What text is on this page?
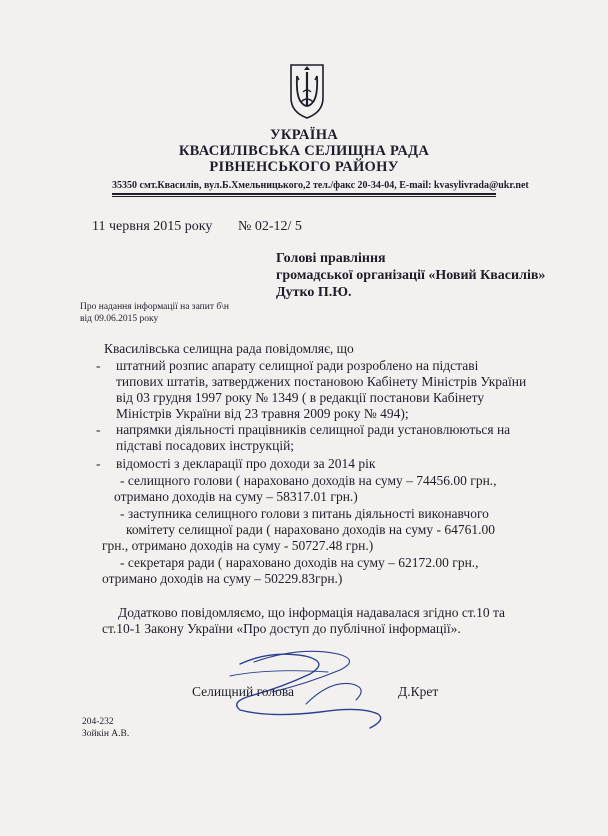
УКРАЇНА
КВАСИЛІВСЬКА СЕЛИЩНА РАДА
РІВНЕНСЬКОГО РАЙОНУ
35350 смт.Квасилів, вул.Б.Хмельницького,2 тел./факс 20-34-04, E-mail: kvasylivrada@ukr.net
11 червня 2015 року № 02-12/ 5
Голові правління
громадської організації «Новий Квасилів»
Дутко П.Ю.
Про надання інформації на запит б\н
від 09.06.2015 року
Квасилівська селищна рада повідомляє, що
- штатний розпис апарату селищної ради розроблено на підставі
типових штатів, затверджених постановою Кабінету Міністрів України
від 03 грудня 1997 року № 1349 ( в редакції постанови Кабінету
Міністрів України від 23 травня 2009 року № 494);
- напрямки діяльності працівників селищної ради установлюються на
підставі посадових інструкцій;
- відомості з декларації про доходи за 2014 рік
- селищного голови ( нараховано доходів на суму – 74456.00 грн.,
отримано доходів на суму – 58317.01 грн.)
- заступника селищного голови з питань діяльності виконавчого
комітету селищної ради ( нараховано доходів на суму - 64761.00
грн., отримано доходів на суму - 50727.48 грн.)
- секретаря ради ( нараховано доходів на суму – 62172.00 грн.,
отримано доходів на суму – 50229.83грн.)
Додатково повідомляємо, що інформація надавалася згідно ст.10 та
ст.10-1 Закону України «Про доступ до публічної інформації».
Селищний голова	Д.Крет
204-232
Зойкін А.В.
